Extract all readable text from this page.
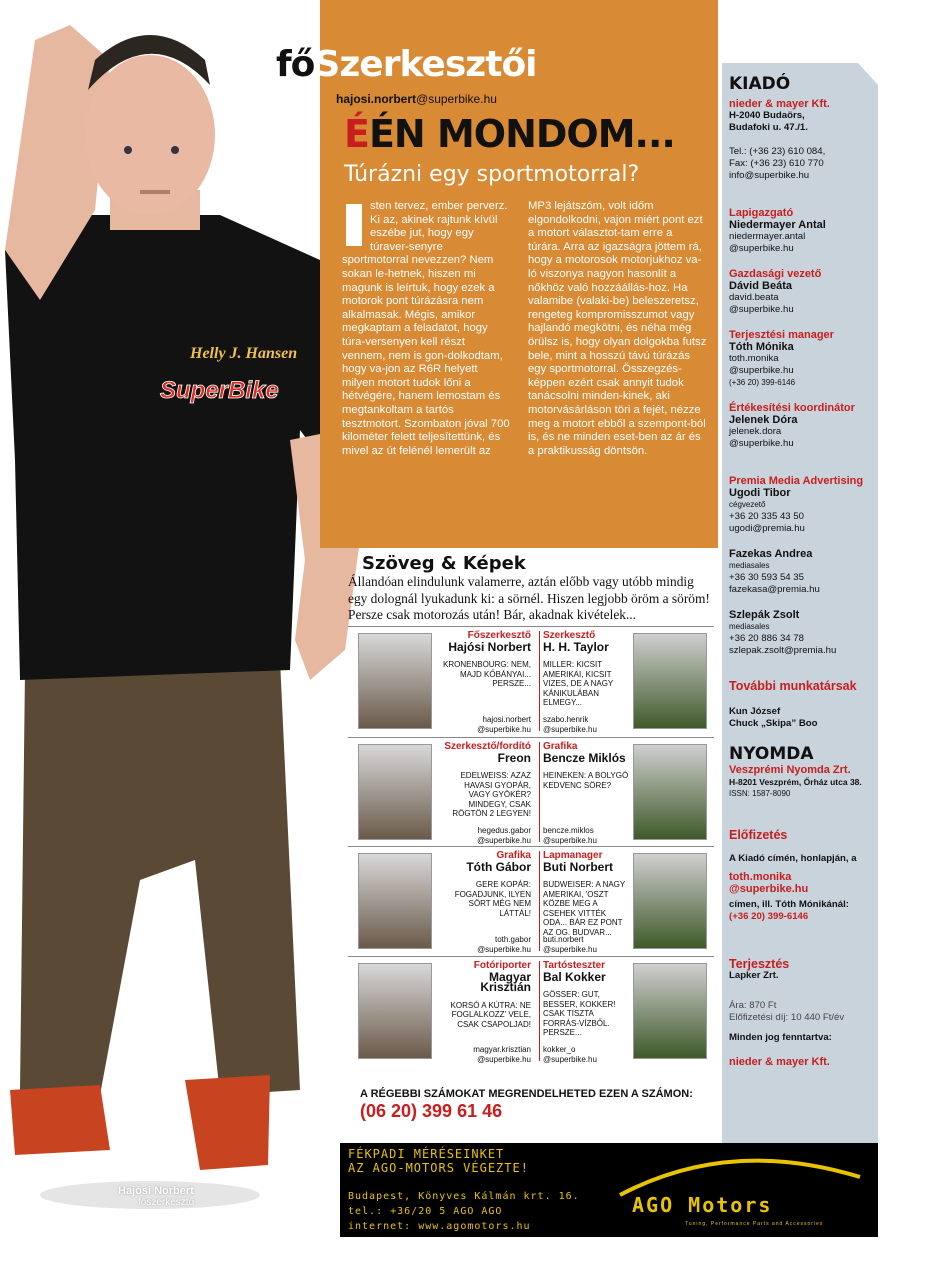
Helly J. Hansen
SuperBike
főSzerkesztői
hajosi.norbert@superbike.hu
ÉÉN MONDOM...
Túrázni egy sportmotorral?
sten tervez, ember perverz. Ki az, akinek rajtunk kívül eszébe jut, hogy egy túraver-senyre sportmotorral nevezzen? Nem sokan le-hetnek, hiszen mi magunk is leírtuk, hogy ezek a motorok pont túrázásra nem alkalmasak. Mégis, amikor megkaptam a feladatot, hogy túra-versenyen kell részt vennem, nem is gon-dolkodtam, hogy va-jon az R6R helyett milyen motort tudok lőni a hétvégére, hanem lemostam és megtankoltam a tartós tesztmotort. Szombaton jóval 700 kilométer felett teljesítettünk, és mivel az út felénél lemerült az
MP3 lejátszóm, volt időm elgondolkodni, vajon miért pont ezt a motort választot-tam erre a túrára. Arra az igazságra jöttem rá, hogy a motorosok motorjukhoz va-ló viszonya nagyon hasonlít a nőkhöz való hozzáállás-hoz. Ha valamibe (valaki-be) beleszeretsz, rengeteg kompromisszumot vagy hajlandó megkötni, és néha még örülsz is, hogy olyan dolgokba futsz bele, mint a hosszú távú túrázás egy sportmotorral. Összegzés-képpen ezért csak annyit tudok tanácsolni minden-kinek, aki motorvásárláson töri a fejét, nézze meg a motort ebből a szempont-ból is, és ne minden eset-ben az ár és a praktikusság döntsön.
Szöveg & Képek
Állandóan elindulunk valamerre, aztán előbb vagy utóbb mindig egy dolognál lyukadunk ki: a sörnél. Hiszen legjobb öröm a söröm! Persze csak motorozás után! Bár, akadnak kivételek...
Főszerkesztő
Hajósi Norbert
KRONENBOURG: NEM, MAJD KŐBÁNYAI... PERSZE...
hajosi.norbert
@superbike.hu
Szerkesztő
H. H. Taylor
MILLER: KICSIT AMERIKAI, KICSIT VIZES, DE A NAGY KÁNIKULÁBAN ELMEGY...
szabo.henrik
@superbike.hu
Szerkesztő/fordító
Freon
EDELWEISS: AZAZ HAVASI GYOPÁR, VAGY GYÖKÉR? MINDEGY, CSAK RÖGTÖN 2 LEGYEN!
hegedus.gabor
@superbike.hu
Grafika
Bencze Miklós
HEINEKEN: A BOLYGÓ KEDVENC SÖRE?
bencze.miklos
@superbike.hu
Grafika
Tóth Gábor
GERE KOPÁR: FOGADJUNK, ILYEN SÖRT MÉG NEM LÁTTÁL!
toth.gabor
@superbike.hu
Lapmanager
Buti Norbert
BUDWEISER: A NAGY AMERIKAI, 'OSZT KÖZBE MEG A CSEHEK VITTÉK ODA... BÁR EZ PONT AZ OG. BUDVAR...
buti.norbert
@superbike.hu
Fotóriporter
Magyar Krisztián
KORSÓ A KÚTRA: NE FOGLALKOZZ' VELE, CSAK CSAPOLJAD!
magyar.krisztian
@superbike.hu
Tartósteszter
Bal Kokker
GÖSSER: GUT, BESSER, KOKKER! CSAK TISZTA FORRÁS-VÍZBŐL. PERSZE...
kokker_o
@superbike.hu
A RÉGEBBI SZÁMOKAT MEGRENDELHETED EZEN A SZÁMON:
(06 20) 399 61 46
FÉKPADI MÉRÉSEINKET
AZ AGO-MOTORS VÉGEZTE!
Budapest, Könyves Kálmán krt. 16.
tel.: +36/20 5 AGO AGO
internet: www.agomotors.hu
AGO Motors
Tuning, Performance Parts and Accessories
KIADÓ
nieder & mayer Kft.
H-2040 Budaörs,
Budafoki u. 47./1.
Tel.: (+36 23) 610 084,
Fax: (+36 23) 610 770
info@superbike.hu
Lapigazgató
Niedermayer Antal
niedermayer.antal
@superbike.hu
Gazdasági vezető
Dávid Beáta
david.beata
@superbike.hu
Terjesztési manager
Tóth Mónika
toth.monika
@superbike.hu
(+36 20) 399-6146
Értékesítési koordinátor
Jelenek Dóra
jelenek.dora
@superbike.hu
Premia Media Advertising
Ugodi Tibor
cégvezető
+36 20 335 43 50
ugodi@premia.hu
Fazekas Andrea
mediasales
+36 30 593 54 35
fazekasa@premia.hu
Szlepák Zsolt
mediasales
+36 20 886 34 78
szlepak.zsolt@premia.hu
További munkatársak
Kun József
Chuck „Skipa” Boo
NYOMDA
Veszprémi Nyomda Zrt.
H-8201 Veszprém, Őrház utca 38.
ISSN: 1587-8090
Előfizetés
A Kiadó címén, honlapján, a
toth.monika
@superbike.hu
címen, ill. Tóth Mónikánál:
(+36 20) 399-6146
Terjesztés
Lapker Zrt.
Ára: 870 Ft
Előfizetési díj: 10 440 Ft/év
Minden jog fenntartva:
nieder & mayer Kft.
Hajósi Norbert
főszerkesztő
